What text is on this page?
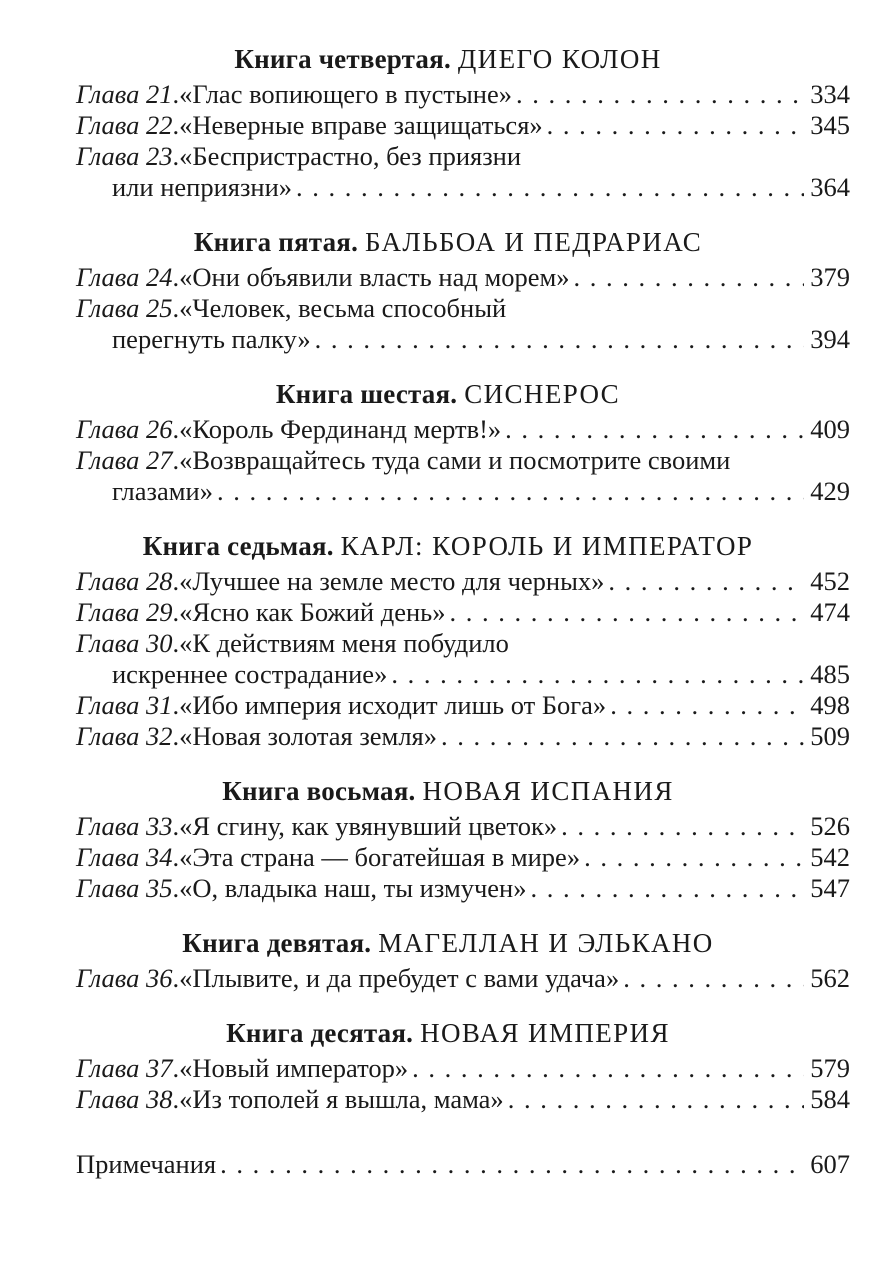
Книга четвертая. ДИЕГО КОЛОН
Глава 21 . «Глас вопиющего в пустыне» . . .	334
Глава 22 . «Неверные вправе защищаться» . . .	345
Глава 23 . «Беспристрастно, без приязни
или неприязни» . . .	364
Книга пятая. БАЛЬБОА И ПЕДРАРИАС
Глава 24 . «Они объявили власть над морем» . . .	379
Глава 25 . «Человек, весьма способный
перегнуть палку» . . .	394
Книга шестая. СИСНЕРОС
Глава 26 . «Король Фердинанд мертв!» . . .	409
Глава 27 . «Возвращайтесь туда сами и посмотрите своими
глазами» . . .	429
Книга седьмая. КАРЛ: КОРОЛЬ И ИМПЕРАТОР
Глава 28 . «Лучшее на земле место для черных» . . .	452
Глава 29 . «Ясно как Божий день» . . .	474
Глава 30 . «К действиям меня побудило
искреннее сострадание» . . .	485
Глава 31 . «Ибо империя исходит лишь от Бога» . . .	498
Глава 32 . «Новая золотая земля» . . .	509
Книга восьмая. НОВАЯ ИСПАНИЯ
Глава 33 . «Я сгину, как увянувший цветок» . . .	526
Глава 34 . «Эта страна — богатейшая в мире» . . .	542
Глава 35 . «О, владыка наш, ты измучен» . . .	547
Книга девятая. МАГЕЛЛАН И ЭЛЬКАНО
Глава 36 . «Плывите, и да пребудет с вами удача» . . .	562
Книга десятая. НОВАЯ ИМПЕРИЯ
Глава 37 . «Новый император» . . .	579
Глава 38 . «Из тополей я вышла, мама» . . .	584
Примечания . . .	607
